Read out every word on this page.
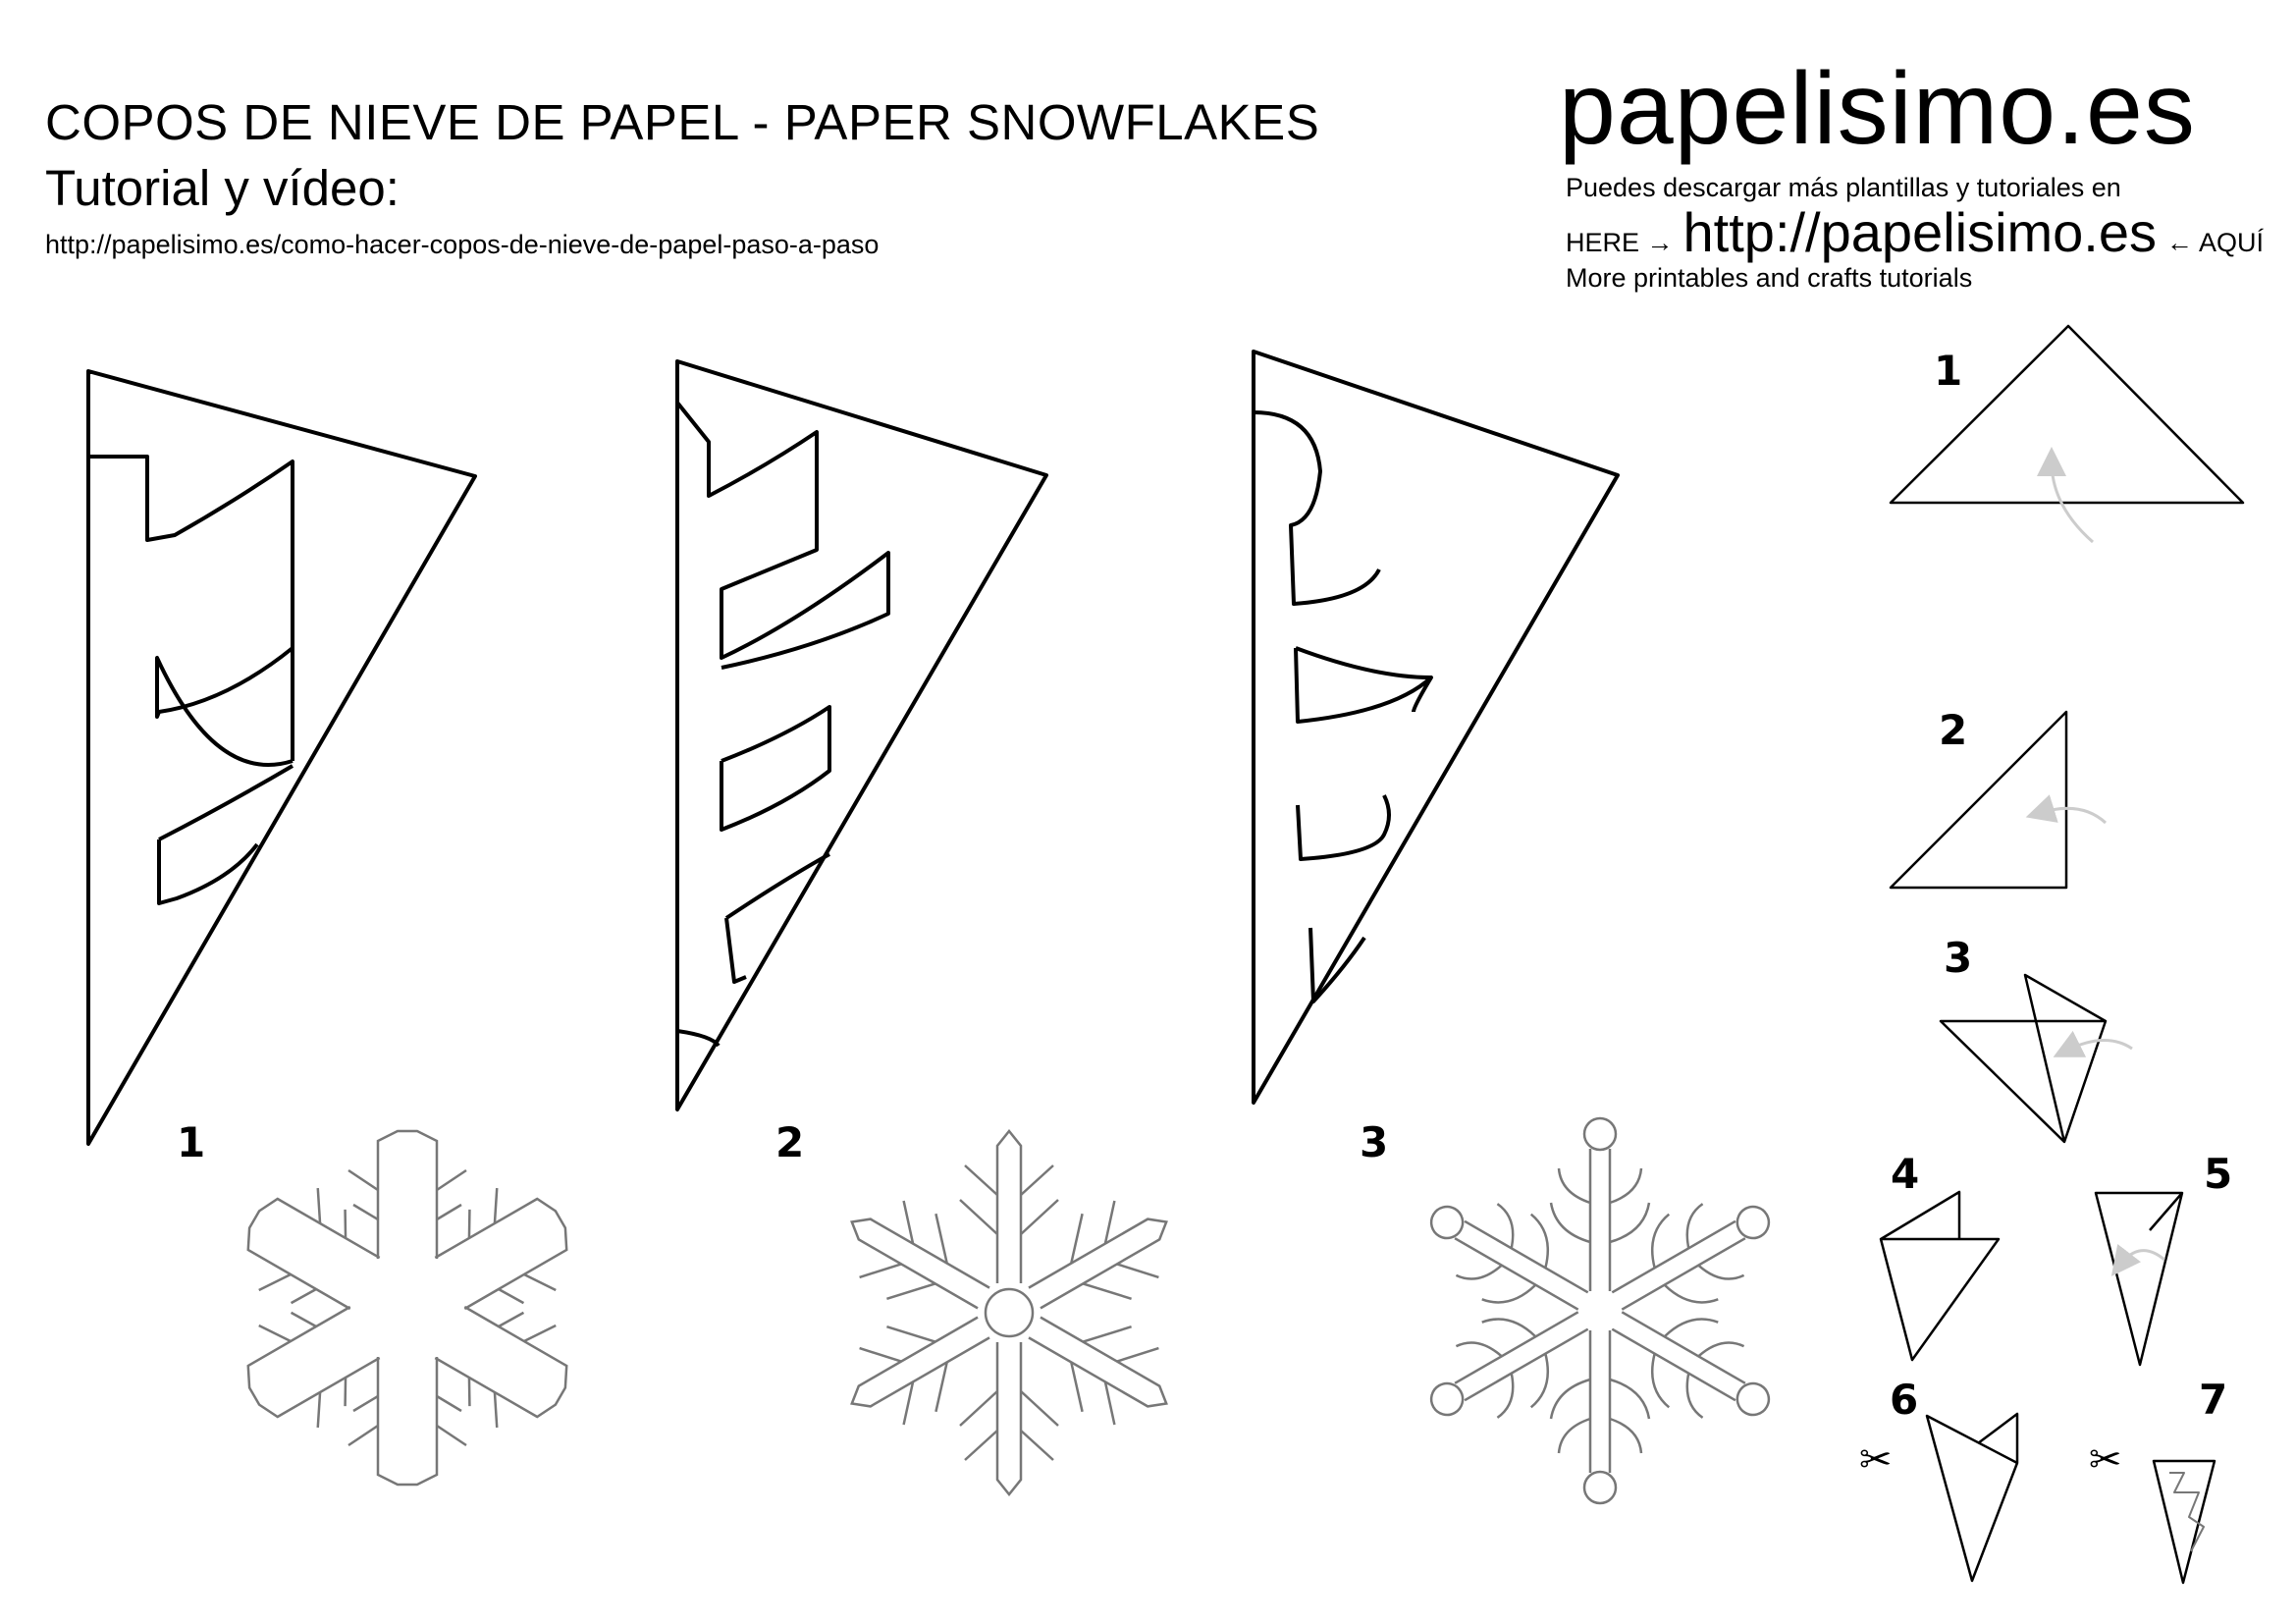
COPOS DE NIEVE DE PAPEL - PAPER SNOWFLAKES
Tutorial y vídeo:
http://papelisimo.es/como-hacer-copos-de-nieve-de-papel-paso-a-paso
papelisimo.es
Puedes descargar más plantillas y tutoriales en
HERE → http://papelisimo.es ← AQUÍ
More printables and crafts tutorials
1	2	3
1
2
3
4	5
6	7
✂	✂
